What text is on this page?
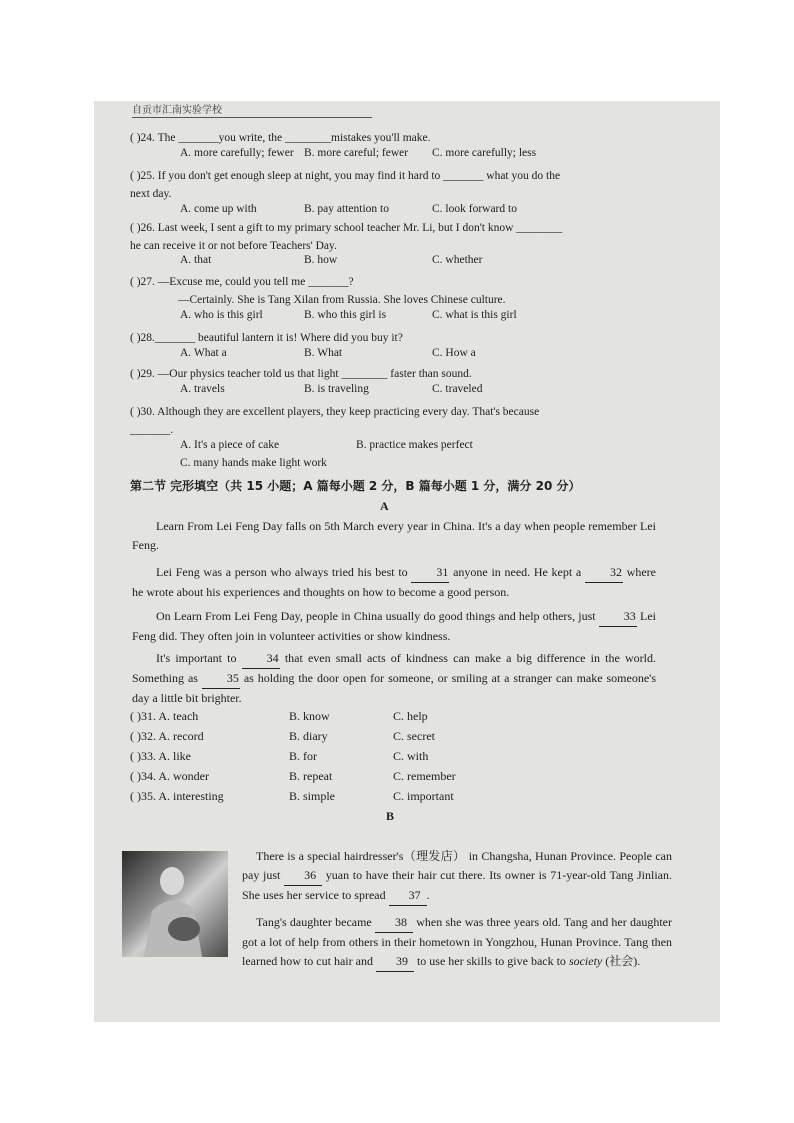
自贡市汇南实验学校
( )24. The _______you write, the ________mistakes you'll make.
A. more carefully; fewer B. more careful; fewer C. more carefully; less
( )25. If you don't get enough sleep at night, you may find it hard to _______ what you do the
next day.
A. come up with	B. pay attention to	C. look forward to
( )26. Last week, I sent a gift to my primary school teacher Mr. Li, but I don't know ________
he can receive it or not before Teachers' Day.
A. that	B. how	C. whether
( )27. —Excuse me, could you tell me _______?
—Certainly. She is Tang Xilan from Russia. She loves Chinese culture.
A. who is this girl	B. who this girl is	C. what is this girl
( )28._______ beautiful lantern it is! Where did you buy it?
A. What a	B. What	C. How a
( )29. —Our physics teacher told us that light ________ faster than sound.
A. travels	B. is traveling	C. traveled
( )30. Although they are excellent players, they keep practicing every day. That's because
_______.
A. It's a piece of cake	B. practice makes perfect
C. many hands make light work
第二节 完形填空（共 15 小题；A 篇每小题 2 分，B 篇每小题 1 分，满分 20 分）
A
Learn From Lei Feng Day falls on 5th March every year in China. It's a day when people remember Lei Feng.
Lei Feng was a person who always tried his best to 31 anyone in need. He kept a 32 where he wrote about his experiences and thoughts on how to become a good person.
On Learn From Lei Feng Day, people in China usually do good things and help others, just 33 Lei Feng did. They often join in volunteer activities or show kindness.
It's important to 34 that even small acts of kindness can make a big difference in the world. Something as 35 as holding the door open for someone, or smiling at a stranger can make someone's day a little bit brighter.
( )31. A. teach	B. know	C. help
( )32. A. record	B. diary	C. secret
( )33. A. like	B. for	C. with
( )34. A. wonder	B. repeat	C. remember
( )35. A. interesting	B. simple	C. important
B
There is a special hairdresser's（理发店） in Changsha, Hunan Province. People can pay just 36 yuan to have their hair cut there. Its owner is 71-year-old Tang Jinlian. She uses her service to spread 37 .
Tang's daughter became 38 when she was three years old. Tang and her daughter got a lot of help from others in their hometown in Yongzhou, Hunan Province. Tang then learned how to cut hair and 39 to use her skills to give back to society (社会).
